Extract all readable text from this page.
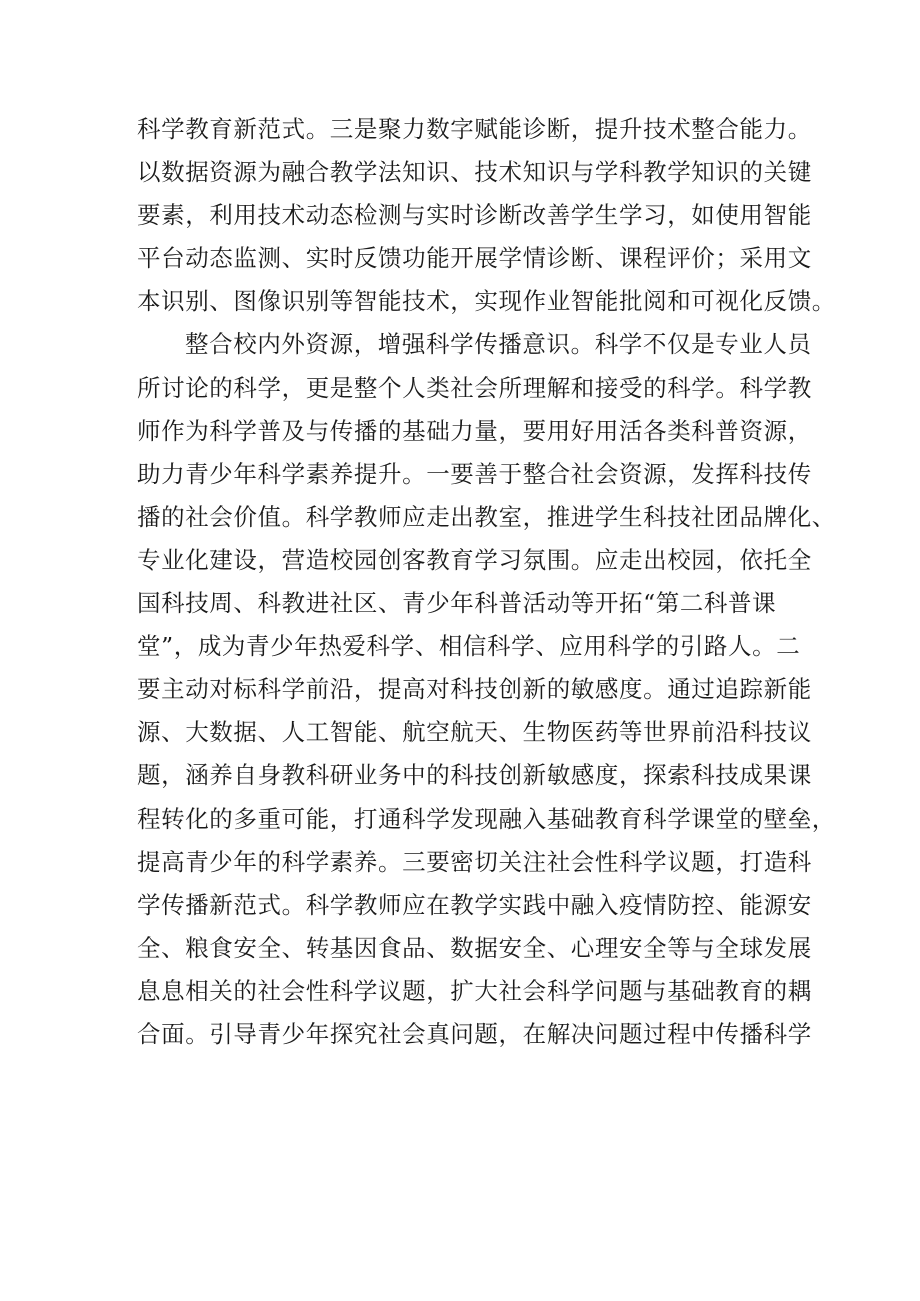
科学教育新范式。三是聚力数字赋能诊断，提升技术整合能力。
以数据资源为融合教学法知识、技术知识与学科教学知识的关键
要素，利用技术动态检测与实时诊断改善学生学习，如使用智能
平台动态监测、实时反馈功能开展学情诊断、课程评价；采用文
本识别、图像识别等智能技术，实现作业智能批阅和可视化反馈。
整合校内外资源，增强科学传播意识。科学不仅是专业人员
所讨论的科学，更是整个人类社会所理解和接受的科学。科学教
师作为科学普及与传播的基础力量，要用好用活各类科普资源，
助力青少年科学素养提升。一要善于整合社会资源，发挥科技传
播的社会价值。科学教师应走出教室，推进学生科技社团品牌化、
专业化建设，营造校园创客教育学习氛围。应走出校园，依托全
国科技周、科教进社区、青少年科普活动等开拓“第二科普课
堂”，成为青少年热爱科学、相信科学、应用科学的引路人。二
要主动对标科学前沿，提高对科技创新的敏感度。通过追踪新能
源、大数据、人工智能、航空航天、生物医药等世界前沿科技议
题，涵养自身教科研业务中的科技创新敏感度，探索科技成果课
程转化的多重可能，打通科学发现融入基础教育科学课堂的壁垒，
提高青少年的科学素养。三要密切关注社会性科学议题，打造科
学传播新范式。科学教师应在教学实践中融入疫情防控、能源安
全、粮食安全、转基因食品、数据安全、心理安全等与全球发展
息息相关的社会性科学议题，扩大社会科学问题与基础教育的耦
合面。引导青少年探究社会真问题，在解决问题过程中传播科学
